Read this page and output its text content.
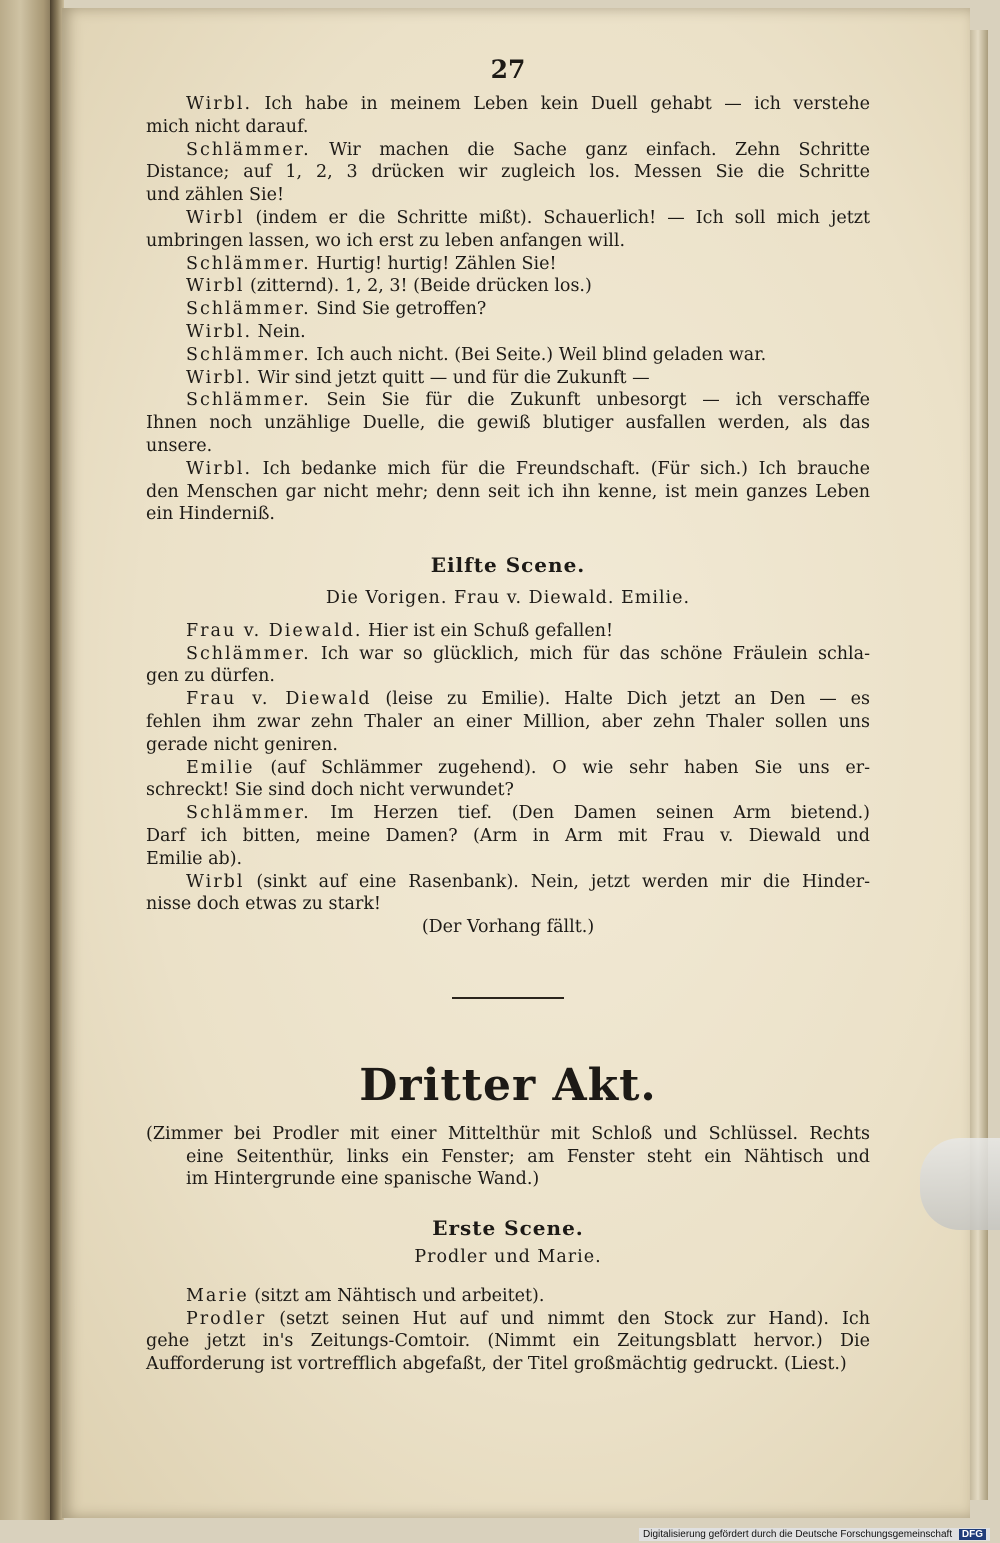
27
Wirbl. Ich habe in meinem Leben kein Duell gehabt — ich verstehe
mich nicht darauf.
Schlämmer. Wir machen die Sache ganz einfach. Zehn Schritte
Distance; auf 1, 2, 3 drücken wir zugleich los. Messen Sie die Schritte
und zählen Sie!
Wirbl (indem er die Schritte mißt). Schauerlich! — Ich soll mich jetzt
umbringen lassen, wo ich erst zu leben anfangen will.
Schlämmer. Hurtig! hurtig! Zählen Sie!
Wirbl (zitternd). 1, 2, 3! (Beide drücken los.)
Schlämmer. Sind Sie getroffen?
Wirbl. Nein.
Schlämmer. Ich auch nicht. (Bei Seite.) Weil blind geladen war.
Wirbl. Wir sind jetzt quitt — und für die Zukunft —
Schlämmer. Sein Sie für die Zukunft unbesorgt — ich verschaffe
Ihnen noch unzählige Duelle, die gewiß blutiger ausfallen werden, als das
unsere.
Wirbl. Ich bedanke mich für die Freundschaft. (Für sich.) Ich brauche
den Menschen gar nicht mehr; denn seit ich ihn kenne, ist mein ganzes Leben
ein Hinderniß.

Eilfte Scene.

Die Vorigen. Frau v. Diewald. Emilie.

Frau v. Diewald. Hier ist ein Schuß gefallen!
Schlämmer. Ich war so glücklich, mich für das schöne Fräulein schla-
gen zu dürfen.
Frau v. Diewald (leise zu Emilie). Halte Dich jetzt an Den — es
fehlen ihm zwar zehn Thaler an einer Million, aber zehn Thaler sollen uns
gerade nicht geniren.
Emilie (auf Schlämmer zugehend). O wie sehr haben Sie uns er-
schreckt! Sie sind doch nicht verwundet?
Schlämmer. Im Herzen tief. (Den Damen seinen Arm bietend.)
Darf ich bitten, meine Damen? (Arm in Arm mit Frau v. Diewald und
Emilie ab).
Wirbl (sinkt auf eine Rasenbank). Nein, jetzt werden mir die Hinder-
nisse doch etwas zu stark!

(Der Vorhang fällt.)

Dritter Akt.

(Zimmer bei Prodler mit einer Mittelthür mit Schloß und Schlüssel. Rechts
eine Seitenthür, links ein Fenster; am Fenster steht ein Nähtisch und
im Hintergrunde eine spanische Wand.)

Erste Scene.

Prodler und Marie.

Marie (sitzt am Nähtisch und arbeitet).
Prodler (setzt seinen Hut auf und nimmt den Stock zur Hand). Ich
gehe jetzt in's Zeitungs-Comtoir. (Nimmt ein Zeitungsblatt hervor.) Die
Aufforderung ist vortrefflich abgefaßt, der Titel großmächtig gedruckt. (Liest.)
Digitalisierung gefördert durch die Deutsche Forschungsgemeinschaft DFG
